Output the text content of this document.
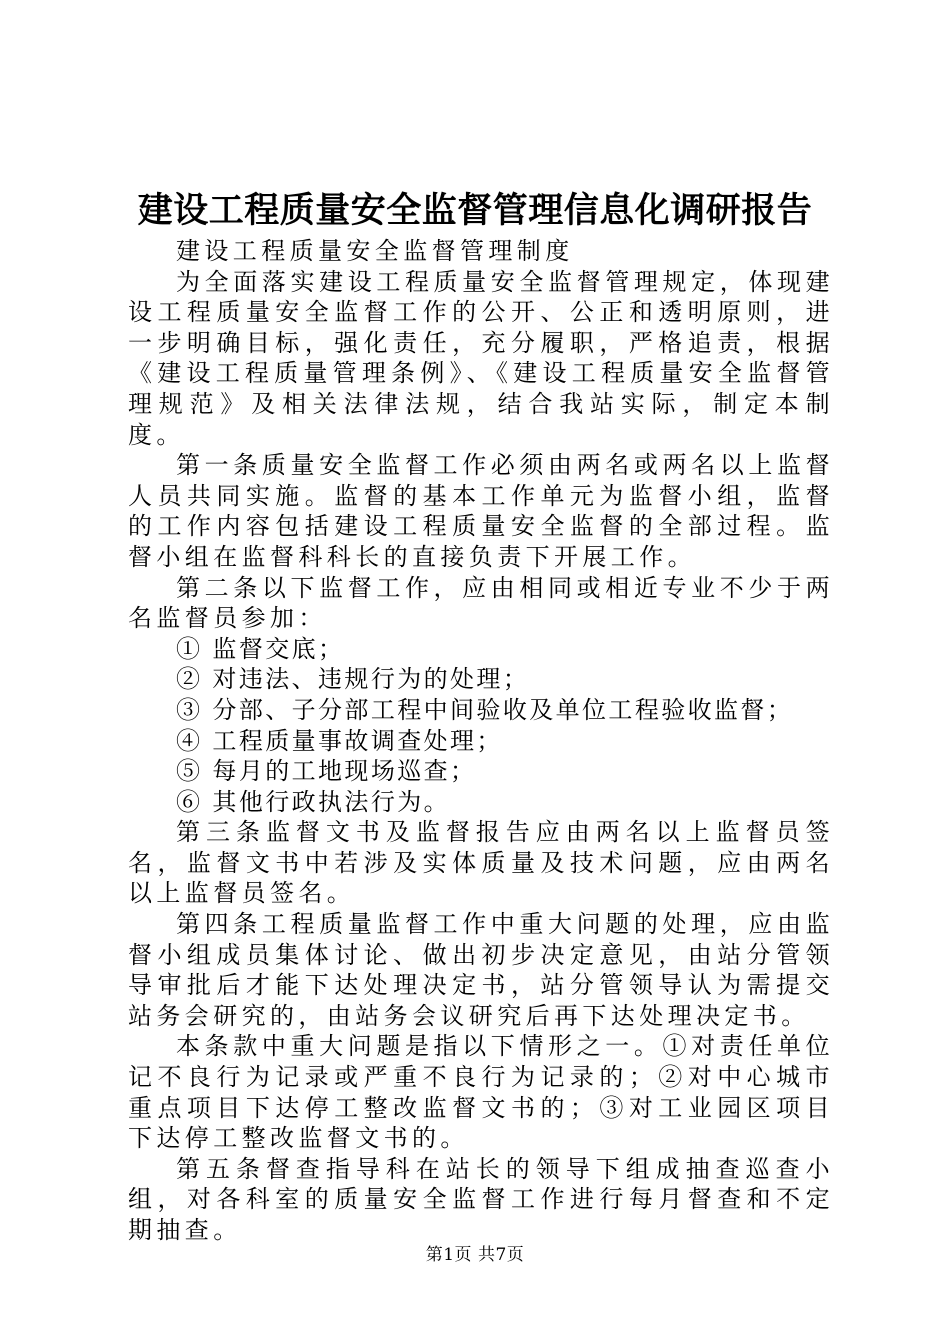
建设工程质量安全监督管理信息化调研报告

建设工程质量安全监督管理制度

为全面落实建设工程质量安全监督管理规定，体现建设工程质量安全监督工作的公开、公正和透明原则，进一步明确目标，强化责任，充分履职，严格追责，根据《建设工程质量管理条例》、《建设工程质量安全监督管理规范》及相关法律法规，结合我站实际，制定本制度。

第一条质量安全监督工作必须由两名或两名以上监督人员共同实施。监督的基本工作单元为监督小组，监督的工作内容包括建设工程质量安全监督的全部过程。监督小组在监督科科长的直接负责下开展工作。

第二条以下监督工作，应由相同或相近专业不少于两名监督员参加：

① 监督交底；

② 对违法、违规行为的处理；

③ 分部、子分部工程中间验收及单位工程验收监督；

④ 工程质量事故调查处理；

⑤ 每月的工地现场巡查；

⑥ 其他行政执法行为。

第三条监督文书及监督报告应由两名以上监督员签名，监督文书中若涉及实体质量及技术问题，应由两名以上监督员签名。

第四条工程质量监督工作中重大问题的处理，应由监督小组成员集体讨论、做出初步决定意见，由站分管领导审批后才能下达处理决定书，站分管领导认为需提交站务会研究的，由站务会议研究后再下达处理决定书。

本条款中重大问题是指以下情形之一。①对责任单位记不良行为记录或严重不良行为记录的；②对中心城市重点项目下达停工整改监督文书的；③对工业园区项目下达停工整改监督文书的。

第五条督查指导科在站长的领导下组成抽查巡查小组，对各科室的质量安全监督工作进行每月督查和不定期抽查。

第1页 共7页
